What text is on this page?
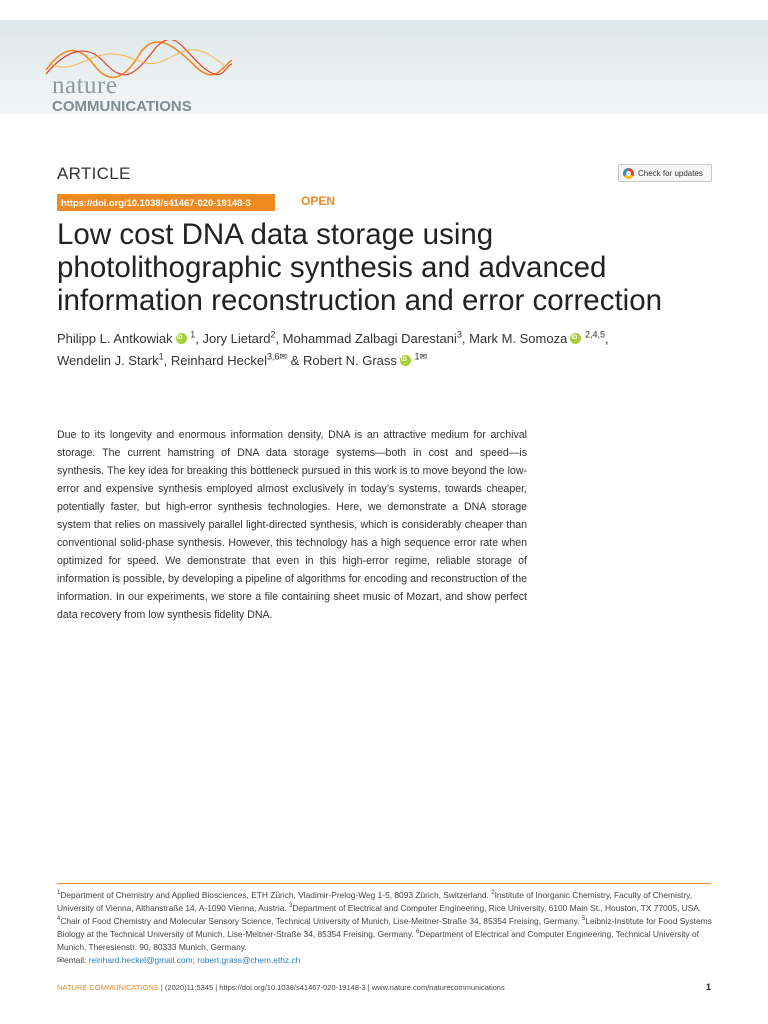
nature
COMMUNICATIONS
ARTICLE	Check for updates
https://doi.org/10.1038/s41467-020-19148-3	OPEN
Low cost DNA data storage using photolithographic synthesis and advanced information reconstruction and error correction
Philipp L. Antkowiak iD $^1$, Jory Lietard$^2$, Mohammad Zalbagi Darestani$^3$, Mark M. Somoza iD $^{2,4,5}$,
Wendelin J. Stark$^1$, Reinhard Heckel$^{3,6✉}$ & Robert N. Grass iD $^{1✉}$

Due to its longevity and enormous information density, DNA is an attractive medium for archival storage. The current hamstring of DNA data storage systems—both in cost and speed—is synthesis. The key idea for breaking this bottleneck pursued in this work is to move beyond the low-error and expensive synthesis employed almost exclusively in today’s systems, towards cheaper, potentially faster, but high-error synthesis technologies. Here, we demonstrate a DNA storage system that relies on massively parallel light-directed synthesis, which is considerably cheaper than conventional solid-phase synthesis. However, this technology has a high sequence error rate when optimized for speed. We demonstrate that even in this high-error regime, reliable storage of information is possible, by developing a pipeline of algorithms for encoding and reconstruction of the information. In our experiments, we store a file containing sheet music of Mozart, and show perfect data recovery from low synthesis fidelity DNA.

$^1$Department of Chemistry and Applied Biosciences, ETH Zürich, Vladimir-Prelog-Weg 1-5, 8093 Zürich, Switzerland. $^2$Institute of Inorganic Chemistry, Faculty of Chemistry, University of Vienna, Althanstraße 14, A-1090 Vienna, Austria. $^3$Department of Electrical and Computer Engineering, Rice University, 6100 Main St., Houston, TX 77005, USA. $^4$Chair of Food Chemistry and Molecular Sensory Science, Technical University of Munich, Lise-Meitner-Straße 34, 85354 Freising, Germany. $^5$Leibniz-Institute for Food Systems Biology at the Technical University of Munich, Lise-Meitner-Straße 34, 85354 Freising, Germany. $^6$Department of Electrical and Computer Engineering, Technical University of Munich, Theresienstr. 90, 80333 Munich, Germany.
✉email: reinhard.heckel@gmail.com; robert.grass@chem.ethz.ch
NATURE COMMUNICATIONS | (2020)11:5345 | https://doi.org/10.1038/s41467-020-19148-3 | www.nature.com/naturecommunications	1
